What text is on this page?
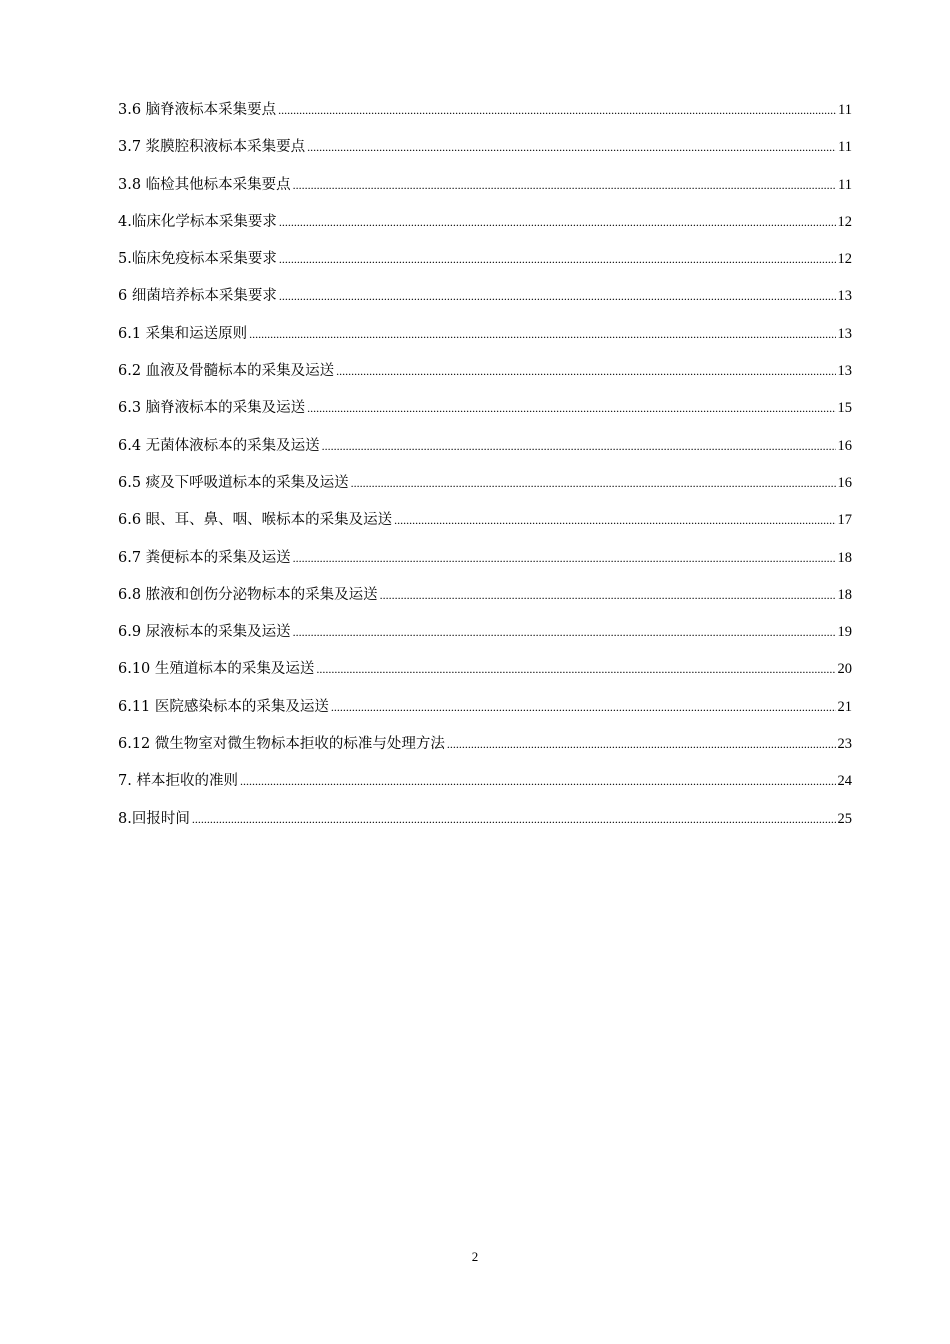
3.6 脑脊液标本采集要点 .....	11
3.7 浆膜腔积液标本采集要点 .....	11
3.8 临检其他标本采集要点 .....	11
4.临床化学标本采集要求 .....	12
5.临床免疫标本采集要求 .....	12
6 细菌培养标本采集要求 .....	13
6.1 采集和运送原则 .....	13
6.2 血液及骨髓标本的采集及运送 .....	13
6.3 脑脊液标本的采集及运送 .....	15
6.4 无菌体液标本的采集及运送 .....	16
6.5 痰及下呼吸道标本的采集及运送 .....	16
6.6 眼、耳、鼻、咽、喉标本的采集及运送 .....	17
6.7 粪便标本的采集及运送 .....	18
6.8 脓液和创伤分泌物标本的采集及运送 .....	18
6.9 尿液标本的采集及运送 .....	19
6.10 生殖道标本的采集及运送 .....	20
6.11 医院感染标本的采集及运送 .....	21
6.12 微生物室对微生物标本拒收的标准与处理方法 .....	23
7. 样本拒收的准则 .....	24
8.回报时间 .....	25
2
